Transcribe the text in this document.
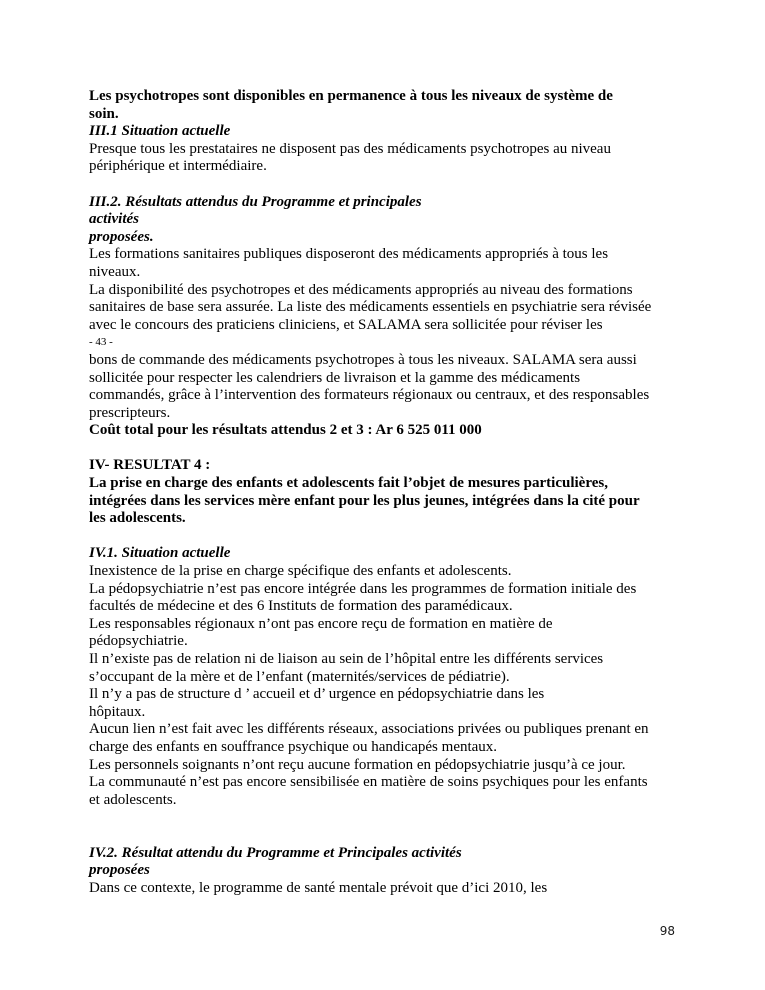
Les psychotropes sont disponibles en permanence à tous les niveaux de système de
soin.
III.1 Situation actuelle
Presque tous les prestataires ne disposent pas des médicaments psychotropes au niveau
périphérique et intermédiaire.

III.2. Résultats attendus du Programme et principales
activités
proposées.
Les formations sanitaires publiques disposeront des médicaments appropriés à tous les
niveaux.
La disponibilité des psychotropes et des médicaments appropriés au niveau des formations
sanitaires de base sera assurée. La liste des médicaments essentiels en psychiatrie sera révisée
avec le concours des praticiens cliniciens, et SALAMA sera sollicitée pour réviser les
- 43 -
bons de commande des médicaments psychotropes à tous les niveaux. SALAMA sera aussi
sollicitée pour respecter les calendriers de livraison et la gamme des médicaments
commandés, grâce à l’intervention des formateurs régionaux ou centraux, et des responsables
prescripteurs.
Coût total pour les résultats attendus 2 et 3 : Ar 6 525 011 000

IV- RESULTAT 4 :
La prise en charge des enfants et adolescents fait l’objet de mesures particulières,
intégrées dans les services mère enfant pour les plus jeunes, intégrées dans la cité pour
les adolescents.

IV.1. Situation actuelle
Inexistence de la prise en charge spécifique des enfants et adolescents.
La pédopsychiatrie n’est pas encore intégrée dans les programmes de formation initiale des
facultés de médecine et des 6 Instituts de formation des paramédicaux.
Les responsables régionaux n’ont pas encore reçu de formation en matière de
pédopsychiatrie.
Il n’existe pas de relation ni de liaison au sein de l’hôpital entre les différents services
s’occupant de la mère et de l’enfant (maternités/services de pédiatrie).
Il n’y a pas de structure d ’ accueil et d’ urgence en pédopsychiatrie dans les
hôpitaux.
Aucun lien n’est fait avec les différents réseaux, associations privées ou publiques prenant en
charge des enfants en souffrance psychique ou handicapés mentaux.
Les personnels soignants n’ont reçu aucune formation en pédopsychiatrie jusqu’à ce jour.
La communauté n’est pas encore sensibilisée en matière de soins psychiques pour les enfants
et adolescents.

IV.2. Résultat attendu du Programme et Principales activités
proposées
Dans ce contexte, le programme de santé mentale prévoit que d’ici 2010, les
98
